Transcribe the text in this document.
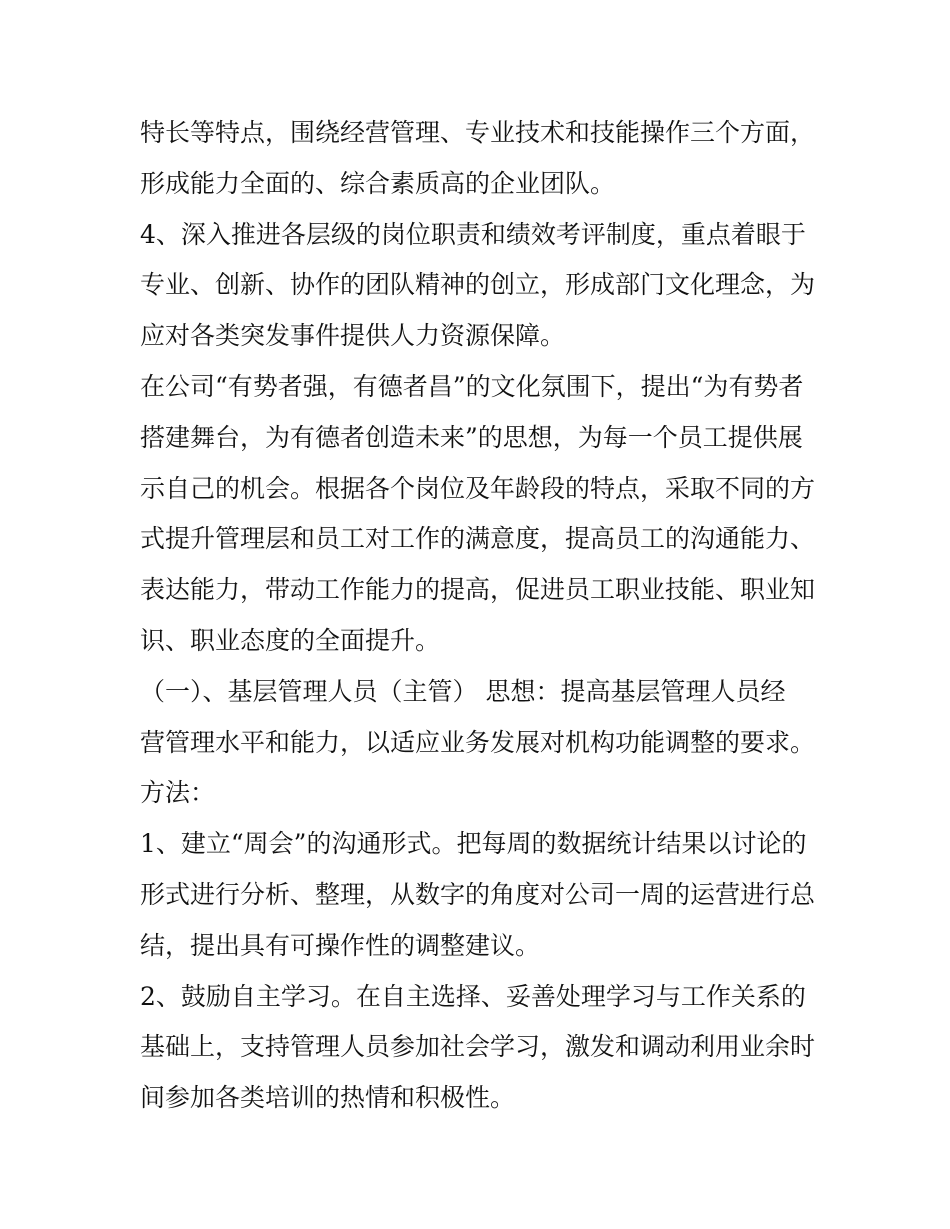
特长等特点，围绕经营管理、专业技术和技能操作三个方面，
形成能力全面的、综合素质高的企业团队。
4、深入推进各层级的岗位职责和绩效考评制度，重点着眼于
专业、创新、协作的团队精神的创立，形成部门文化理念，为
应对各类突发事件提供人力资源保障。
在公司“有势者强，有德者昌”的文化氛围下，提出“为有势者
搭建舞台，为有德者创造未来”的思想，为每一个员工提供展
示自己的机会。根据各个岗位及年龄段的特点，采取不同的方
式提升管理层和员工对工作的满意度，提高员工的沟通能力、
表达能力，带动工作能力的提高，促进员工职业技能、职业知
识、职业态度的全面提升。
（一）、基层管理人员（主管） 思想：提高基层管理人员经
营管理水平和能力，以适应业务发展对机构功能调整的要求。
方法：
1、建立“周会”的沟通形式。把每周的数据统计结果以讨论的
形式进行分析、整理，从数字的角度对公司一周的运营进行总
结，提出具有可操作性的调整建议。
2、鼓励自主学习。在自主选择、妥善处理学习与工作关系的
基础上，支持管理人员参加社会学习，激发和调动利用业余时
间参加各类培训的热情和积极性。
